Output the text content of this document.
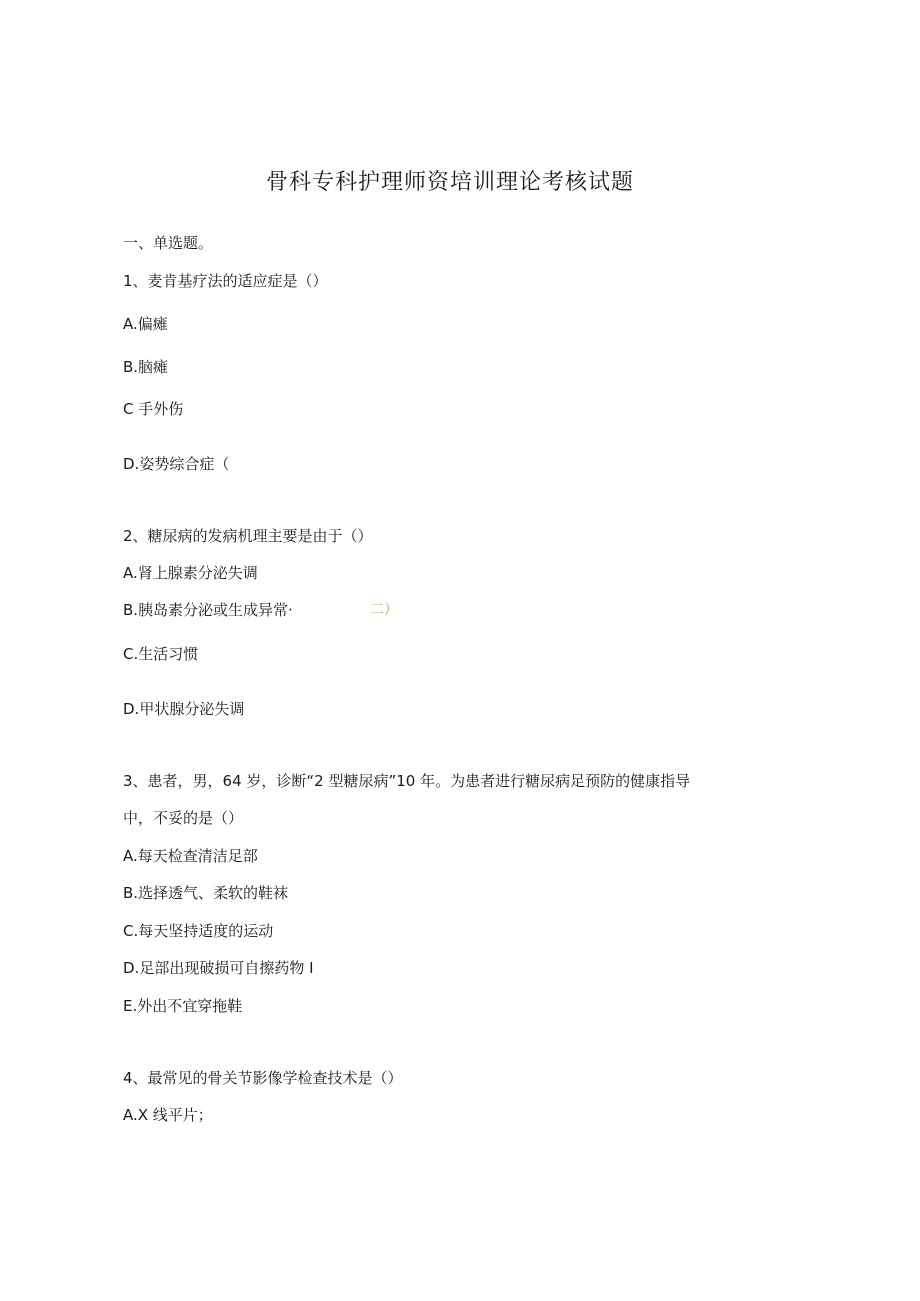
骨科专科护理师资培训理论考核试题
一、单选题。
1、麦肯基疗法的适应症是（）
A.偏瘫
B.脑瘫
C 手外伤
D.姿势综合症（
2、糖尿病的发病机理主要是由于（）
A.肾上腺素分泌失调
B.胰岛素分泌或生成异常·	二）
C.生活习惯
D.甲状腺分泌失调
3、患者，男，64 岁，诊断“2 型糖尿病”10 年。为患者进行糖尿病足预防的健康指导
中，不妥的是（）
A.每天检查清洁足部
B.选择透气、柔软的鞋袜
C.每天坚持适度的运动
D.足部出现破损可自擦药物 I
E.外出不宜穿拖鞋
4、最常见的骨关节影像学检查技术是（）
A.X 线平片；
